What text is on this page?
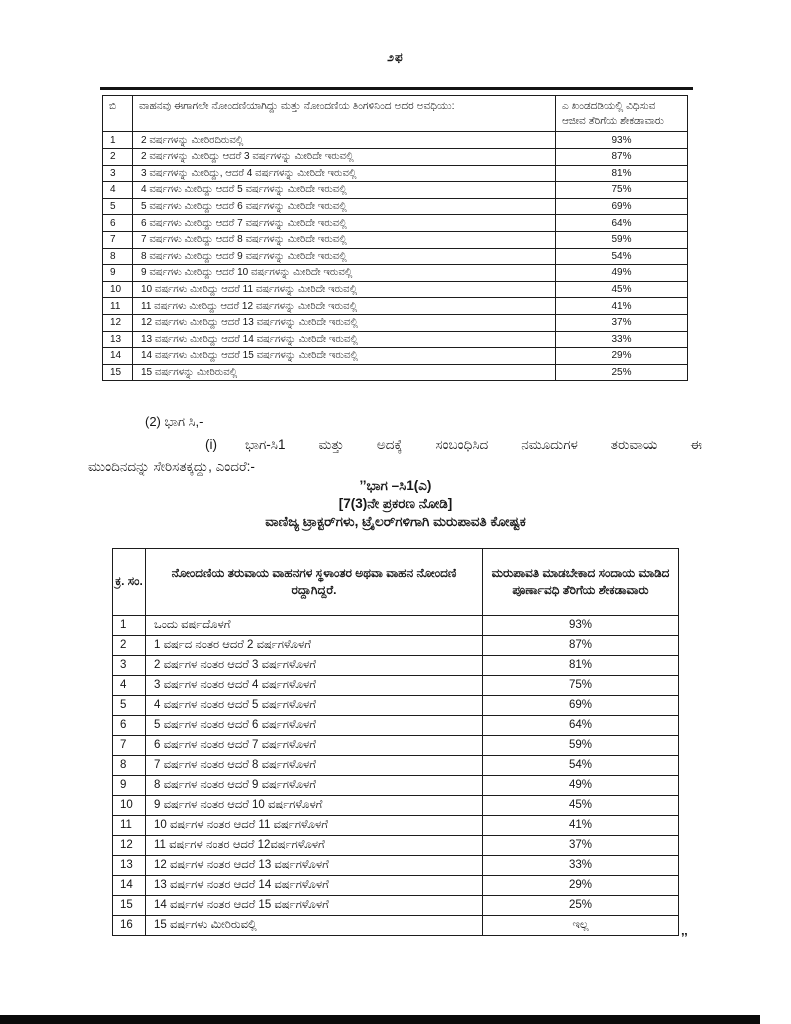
೨ಫ
ಬಿ	ವಾಹನವು ಈಗಾಗಲೇ ನೋಂದಣಿಯಾಗಿದ್ದು ಮತ್ತು ನೋಂದಣಿಯ ತಿಂಗಳಿನಿಂದ ಅದರ ಅವಧಿಯು:	ಎ ಖಂಡದಡಿಯಲ್ಲಿ ವಿಧಿಸುವ ಆಜೀವ ತೆರಿಗೆಯ ಶೇಕಡಾವಾರು
1	2 ವರ್ಷಗಳನ್ನು ಮೀರಿರದಿರುವಲ್ಲಿ	93%
2	2 ವರ್ಷಗಳನ್ನು ಮೀರಿದ್ದು ಆದರೆ 3 ವರ್ಷಗಳನ್ನು ಮೀರಿದೇ ಇರುವಲ್ಲಿ	87%
3	3 ವರ್ಷಗಳನ್ನು ಮೀರಿದ್ದು, ಆದರೆ 4 ವರ್ಷಗಳನ್ನು ಮೀರಿದೇ ಇರುವಲ್ಲಿ	81%
4	4 ವರ್ಷಗಳು ಮೀರಿದ್ದು ಆದರೆ 5 ವರ್ಷಗಳನ್ನು ಮೀರಿದೇ ಇರುವಲ್ಲಿ	75%
5	5 ವರ್ಷಗಳು ಮೀರಿದ್ದು ಆದರೆ 6 ವರ್ಷಗಳನ್ನು ಮೀರಿದೇ ಇರುವಲ್ಲಿ	69%
6	6 ವರ್ಷಗಳು ಮೀರಿದ್ದು ಆದರೆ 7 ವರ್ಷಗಳನ್ನು ಮೀರಿದೇ ಇರುವಲ್ಲಿ	64%
7	7 ವರ್ಷಗಳು ಮೀರಿದ್ದು ಆದರೆ 8 ವರ್ಷಗಳನ್ನು ಮೀರಿದೇ ಇರುವಲ್ಲಿ	59%
8	8 ವರ್ಷಗಳು ಮೀರಿದ್ದು ಆದರೆ 9 ವರ್ಷಗಳನ್ನು ಮೀರಿದೇ ಇರುವಲ್ಲಿ	54%
9	9 ವರ್ಷಗಳು ಮೀರಿದ್ದು ಆದರೆ 10 ವರ್ಷಗಳನ್ನು ಮೀರಿದೇ ಇರುವಲ್ಲಿ	49%
10	10 ವರ್ಷಗಳು ಮೀರಿದ್ದು ಆದರೆ 11 ವರ್ಷಗಳನ್ನು ಮೀರಿದೇ ಇರುವಲ್ಲಿ	45%
11	11 ವರ್ಷಗಳು ಮೀರಿದ್ದು ಆದರೆ 12 ವರ್ಷಗಳನ್ನು ಮೀರಿದೇ ಇರುವಲ್ಲಿ	41%
12	12 ವರ್ಷಗಳು ಮೀರಿದ್ದು ಆದರೆ 13 ವರ್ಷಗಳನ್ನು ಮೀರಿದೇ ಇರುವಲ್ಲಿ	37%
13	13 ವರ್ಷಗಳು ಮೀರಿದ್ದು ಆದರೆ 14 ವರ್ಷಗಳನ್ನು ಮೀರಿದೇ ಇರುವಲ್ಲಿ	33%
14	14 ವರ್ಷಗಳು ಮೀರಿದ್ದು ಆದರೆ 15 ವರ್ಷಗಳನ್ನು ಮೀರಿದೇ ಇರುವಲ್ಲಿ	29%
15	15 ವರ್ಷಗಳನ್ನು ಮೀರಿರುವಲ್ಲಿ	25%
(2) ಭಾಗ ಸಿ,-
(i) ಭಾಗ-ಸಿ1 ಮತ್ತು ಅದಕ್ಕೆ ಸಂಬಂಧಿಸಿದ ನಮೂದುಗಳ ತರುವಾಯ ಈ
ಮುಂದಿನದನ್ನು ಸೇರಿಸತಕ್ಕದ್ದು, ಎಂದರೆ:-
’’ಭಾಗ –ಸಿ1(ಎ)
[7(3)ನೇ ಪ್ರಕರಣ ನೋಡಿ]
ವಾಣಿಜ್ಯ ಟ್ರಾಕ್ಟರ್‌ಗಳು, ಟ್ರೈಲರ್‌ಗಳಿಗಾಗಿ ಮರುಪಾವತಿ ಕೋಷ್ಟಕ
ಕ್ರ. ಸಂ.	ನೋಂದಣಿಯ ತರುವಾಯ ವಾಹನಗಳ ಸ್ಥಳಾಂತರ ಅಥವಾ ವಾಹನ ನೋಂದಣಿ ರದ್ದಾಗಿದ್ದರೆ.	ಮರುಪಾವತಿ ಮಾಡಬೇಕಾದ ಸಂದಾಯ ಮಾಡಿದ ಪೂರ್ಣಾವಧಿ ತೆರಿಗೆಯ ಶೇಕಡಾವಾರು
1	ಒಂದು ವರ್ಷದೊಳಗೆ	93%
2	1 ವರ್ಷದ ನಂತರ ಆದರೆ 2 ವರ್ಷಗಳೊಳಗೆ	87%
3	2 ವರ್ಷಗಳ ನಂತರ ಆದರೆ 3 ವರ್ಷಗಳೊಳಗೆ	81%
4	3 ವರ್ಷಗಳ ನಂತರ ಆದರೆ 4 ವರ್ಷಗಳೊಳಗೆ	75%
5	4 ವರ್ಷಗಳ ನಂತರ ಆದರೆ 5 ವರ್ಷಗಳೊಳಗೆ	69%
6	5 ವರ್ಷಗಳ ನಂತರ ಆದರೆ 6 ವರ್ಷಗಳೊಳಗೆ	64%
7	6 ವರ್ಷಗಳ ನಂತರ ಆದರೆ 7 ವರ್ಷಗಳೊಳಗೆ	59%
8	7 ವರ್ಷಗಳ ನಂತರ ಆದರೆ 8 ವರ್ಷಗಳೊಳಗೆ	54%
9	8 ವರ್ಷಗಳ ನಂತರ ಆದರೆ 9 ವರ್ಷಗಳೊಳಗೆ	49%
10	9 ವರ್ಷಗಳ ನಂತರ ಆದರೆ 10 ವರ್ಷಗಳೊಳಗೆ	45%
11	10 ವರ್ಷಗಳ ನಂತರ ಆದರೆ 11 ವರ್ಷಗಳೊಳಗೆ	41%
12	11 ವರ್ಷಗಳ ನಂತರ ಆದರೆ 12ವರ್ಷಗಳೊಳಗೆ	37%
13	12 ವರ್ಷಗಳ ನಂತರ ಆದರೆ 13 ವರ್ಷಗಳೊಳಗೆ	33%
14	13 ವರ್ಷಗಳ ನಂತರ ಆದರೆ 14 ವರ್ಷಗಳೊಳಗೆ	29%
15	14 ವರ್ಷಗಳ ನಂತರ ಆದರೆ 15 ವರ್ಷಗಳೊಳಗೆ	25%
16	15 ವರ್ಷಗಳು ಮೀರಿರುವಲ್ಲಿ	ಇಲ್ಲ
’’
